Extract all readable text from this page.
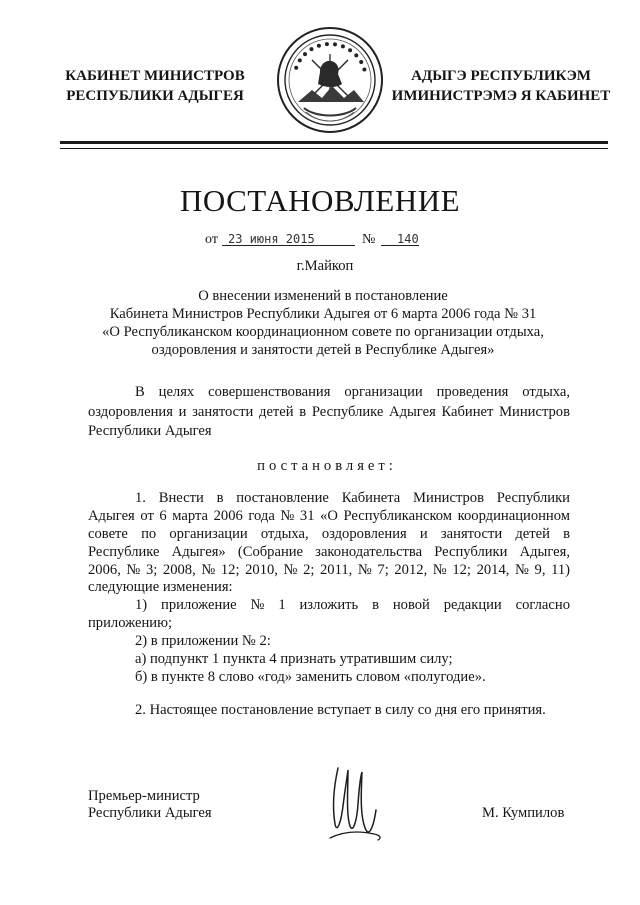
КАБИНЕТ МИНИСТРОВ
РЕСПУБЛИКИ АДЫГЕЯ
АДЫГЭ РЕСПУБЛИКЭМ
ИМИНИСТРЭМЭ Я КАБИНЕТ
ПОСТАНОВЛЕНИЕ
от 23 июня 2015	№	140
г.Майкоп
О внесении изменений в постановление
Кабинета Министров Республики Адыгея от 6 марта 2006 года № 31
«О Республиканском координационном совете по организации отдыха,
оздоровления и занятости детей в Республике Адыгея»
В целях совершенствования организации проведения отдыха,
оздоровления и занятости детей в Республике Адыгея Кабинет Министров
Республики Адыгея
постановляет:
1. Внести в постановление Кабинета Министров Республики
Адыгея от 6 марта 2006 года № 31 «О Республиканском координационном
совете по организации отдыха, оздоровления и занятости детей в
Республике Адыгея» (Собрание законодательства Республики Адыгея,
2006, № 3; 2008, № 12; 2010, № 2; 2011, № 7; 2012, № 12; 2014, № 9, 11)
следующие изменения:
1) приложение № 1 изложить в новой редакции согласно
приложению;
2) в приложении № 2:
а) подпункт 1 пункта 4 признать утратившим силу;
б) в пункте 8 слово «год» заменить словом «полугодие».
2. Настоящее постановление вступает в силу со дня его принятия.
Премьер-министр
Республики Адыгея	М. Кумпилов
